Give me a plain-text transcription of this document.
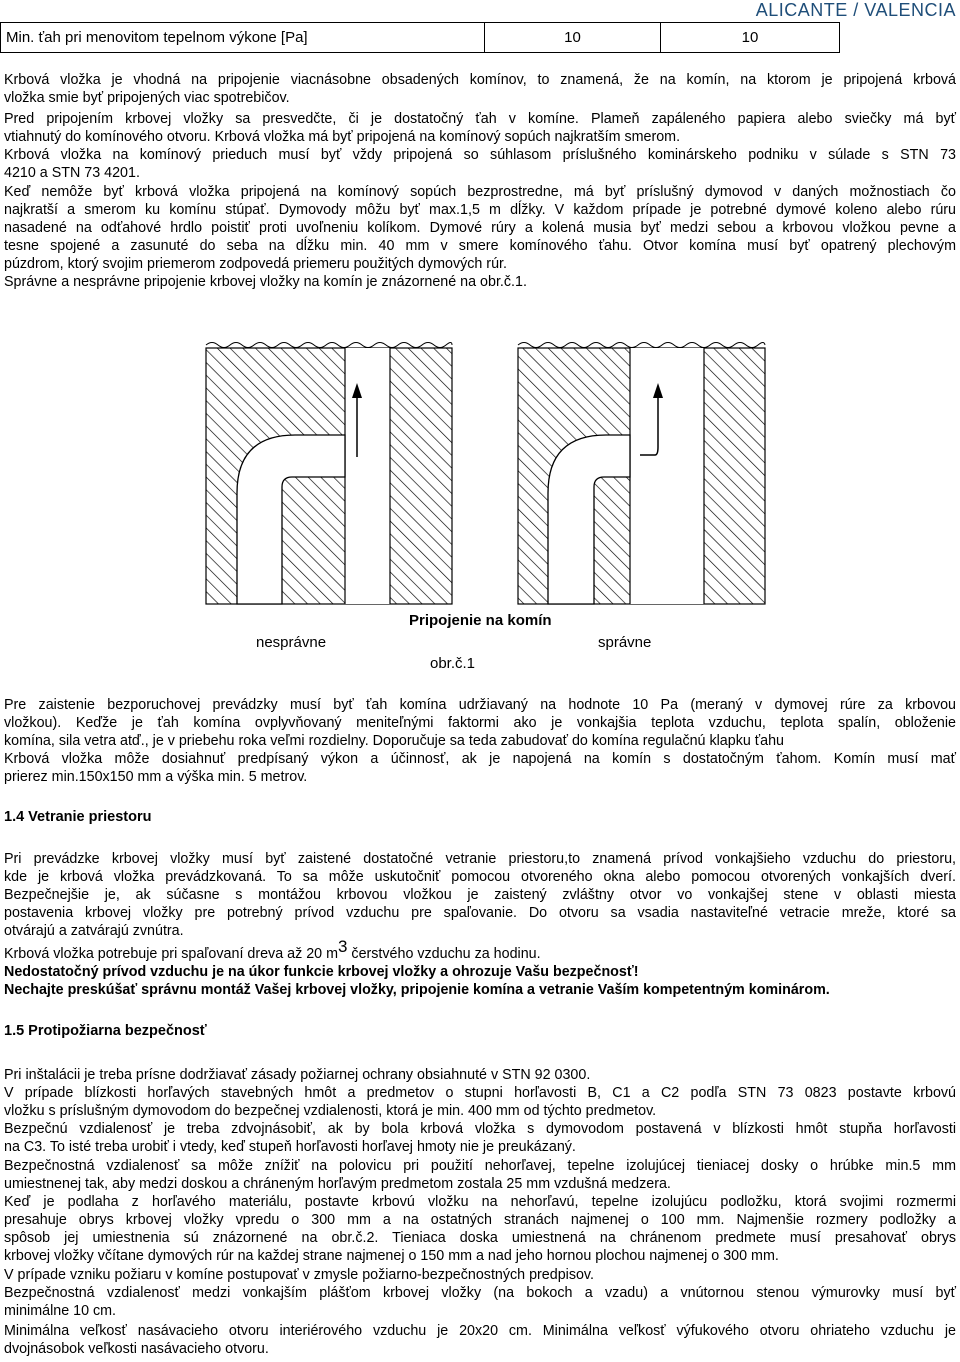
ALICANTE / VALENCIA
Min. ťah pri menovitom tepelnom výkone [Pa]	10	10
Krbová vložka je vhodná na pripojenie viacnásobne obsadených komínov, to znamená, že na komín, na ktorom je pripojená krbová
vložka smie byť pripojených viac spotrebičov.
Pred pripojením krbovej vložky sa presvedčte, či je dostatočný ťah v komíne. Plameň zapáleného papiera alebo sviečky má byť
vtiahnutý do komínového otvoru. Krbová vložka má byť pripojená na komínový sopúch najkratším smerom.
Krbová vložka na komínový prieduch musí byť vždy pripojená so súhlasom príslušného kominárskeho podniku v súlade s STN 73
4210 a STN 73 4201.
Keď nemôže byť krbová vložka pripojená na komínový sopúch bezprostredne, má byť príslušný dymovod v daných možnostiach čo
najkratší a smerom ku komínu stúpať. Dymovody môžu byť max.1,5 m dĺžky. V každom prípade je potrebné dymové koleno alebo rúru
nasadené na odťahové hrdlo poistiť proti uvoľneniu kolíkom. Dymové rúry a kolená musia byť medzi sebou a krbovou vložkou pevne a
tesne spojené a zasunuté do seba na dĺžku min. 40 mm v smere komínového ťahu. Otvor komína musí byť opatrený plechovým
púzdrom, ktorý svojim priemerom zodpovedá priemeru použitých dymových rúr.
Správne a nesprávne pripojenie krbovej vložky na komín je znázornené na obr.č.1.
Pripojenie na komín
nesprávne	správne
obr.č.1
Pre zaistenie bezporuchovej prevádzky musí byť ťah komína udržiavaný na hodnote 10 Pa (meraný v dymovej rúre za krbovou
vložkou). Keďže je ťah komína ovplyvňovaný meniteľnými faktormi ako je vonkajšia teplota vzduchu, teplota spalín, obloženie
komína, sila vetra atď., je v priebehu roka veľmi rozdielny. Doporučuje sa teda zabudovať do komína regulačnú klapku ťahu
Krbová vložka môže dosiahnuť predpísaný výkon a účinnosť, ak je napojená na komín s dostatočným ťahom. Komín musí mať
prierez min.150x150 mm a výška min. 5 metrov.
1.4 Vetranie priestoru
Pri prevádzke krbovej vložky musí byť zaistené dostatočné vetranie priestoru,to znamená prívod vonkajšieho vzduchu do priestoru,
kde je krbová vložka prevádzkovaná. To sa môže uskutočniť pomocou otvoreného okna alebo pomocou otvorených vonkajších dverí.
Bezpečnejšie je, ak súčasne s montážou krbovou vložkou je zaistený zvláštny otvor vo vonkajšej stene v oblasti miesta
postavenia krbovej vložky pre potrebný prívod vzduchu pre spaľovanie. Do otvoru sa vsadia nastaviteľné vetracie mrežе, ktoré sa
otvárajú a zatvárajú zvnútra.
Krbová vložka potrebuje pri spaľovaní dreva až 20 $m^3$ čerstvého vzduchu za hodinu.
Nedostatočný prívod vzduchu je na úkor funkcie krbovej vložky a ohrozuje Vašu bezpečnosť!
Nechajte preskúšať správnu montáž Vašej krbovej vložky, pripojenie komína a vetranie Vaším kompetentným kominárom.
1.5 Protipožiarna bezpečnosť
Pri inštalácii je treba prísne dodržiavať zásady požiarnej ochrany obsiahnuté v STN 92 0300.
V prípade blízkosti horľavých stavebných hmôt a predmetov o stupni horľavosti B, C1 a C2 podľa STN 73 0823 postavte krbovú
vložku s príslušným dymovodom do bezpečnej vzdialenosti, ktorá je min. 400 mm od týchto predmetov.
Bezpečnú vzdialenosť je treba zdvojnásobiť, ak by bola krbová vložka s dymovodom postavená v blízkosti hmôt stupňa horľavosti
na C3. To isté treba urobiť i vtedy, keď stupeň horľavosti horľavej hmoty nie je preukázaný.
Bezpečnostná vzdialenosť sa môže znížiť na polovicu pri použití nehorľavej, tepelne izolujúcej tieniacej dosky o hrúbke min.5 mm
umiestnenej tak, aby medzi doskou a chráneným horľavým predmetom zostala 25 mm vzdušná medzera.
Keď je podlaha z horľavého materiálu, postavte krbovú vložku na nehorľavú, tepelne izolujúcu podložku, ktorá svojimi rozmermi
presahuje obrys krbovej vložky vpredu o 300 mm a na ostatných stranách najmenej o 100 mm. Najmenšie rozmery podložky a
spôsob jej umiestnenia sú znázornené na obr.č.2. Tieniaca doska umiestnená na chránenom predmete musí presahovať obrys
krbovej vložky včítane dymových rúr na každej strane najmenej o 150 mm a nad jeho hornou plochou najmenej o 300 mm.
V prípade vzniku požiaru v komíne postupovať v zmysle požiarno-bezpečnostných predpisov.
Bezpečnostná vzdialenosť medzi vonkajším plášťom krbovej vložky (na bokoch a vzadu) a vnútornou stenou výmurovky musí byť
minimálne 10 cm.
Minimálna veľkosť nasávacieho otvoru interiérového vzduchu je 20x20 cm. Minimálna veľkosť výfukového otvoru ohriateho vzduchu je
dvojnásobok veľkosti nasávacieho otvoru.
